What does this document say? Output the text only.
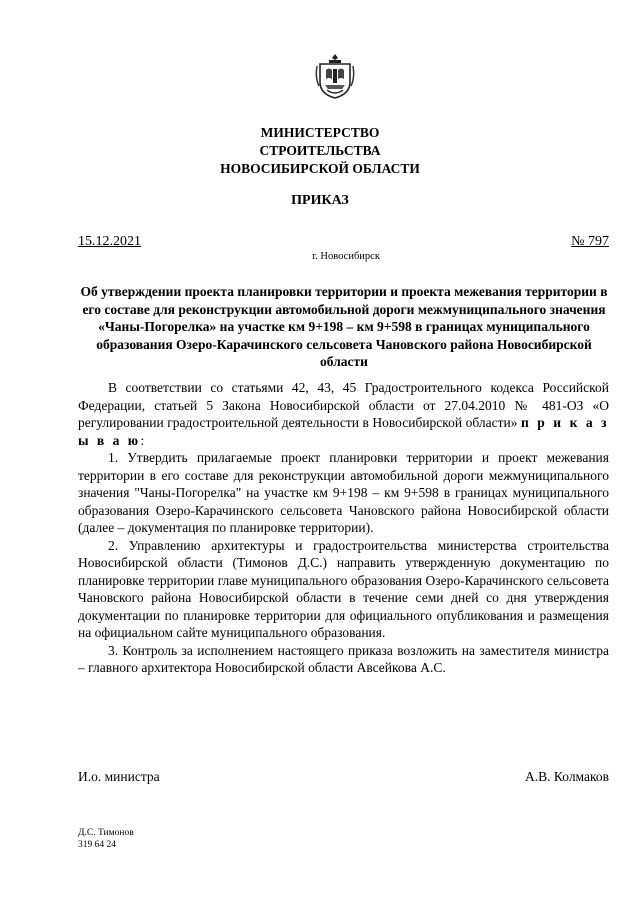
МИНИСТЕРСТВО
СТРОИТЕЛЬСТВА
НОВОСИБИРСКОЙ ОБЛАСТИ
ПРИКАЗ
15.12.2021	№ 797
г. Новосибирск
Об утверждении проекта планировки территории и проекта межевания территории в его составе для реконструкции автомобильной дороги межмуниципального значения «Чаны-Погорелка» на участке км 9+198 – км 9+598 в границах муниципального образования Озеро-Карачинского сельсовета Чановского района Новосибирской области

В соответствии со статьями 42, 43, 45 Градостроительного кодекса Российской Федерации, статьей 5 Закона Новосибирской области от 27.04.2010 № 481-ОЗ «О регулировании градостроительной деятельности в Новосибирской области» п р и к а з ы в а ю:

1. Утвердить прилагаемые проект планировки территории и проект межевания территории в его составе для реконструкции автомобильной дороги межмуниципального значения "Чаны-Погорелка" на участке км 9+198 – км 9+598 в границах муниципального образования Озеро-Карачинского сельсовета Чановского района Новосибирской области (далее – документация по планировке территории).

2. Управлению архитектуры и градостроительства министерства строительства Новосибирской области (Тимонов Д.С.) направить утвержденную документацию по планировке территории главе муниципального образования Озеро-Карачинского сельсовета Чановского района Новосибирской области в течение семи дней со дня утверждения документации по планировке территории для официального опубликования и размещения на официальном сайте муниципального образования.

3. Контроль за исполнением настоящего приказа возложить на заместителя министра – главного архитектора Новосибирской области Авсейкова А.С.

И.о. министра	А.В. Колмаков
Д.С. Тимонов
319 64 24
